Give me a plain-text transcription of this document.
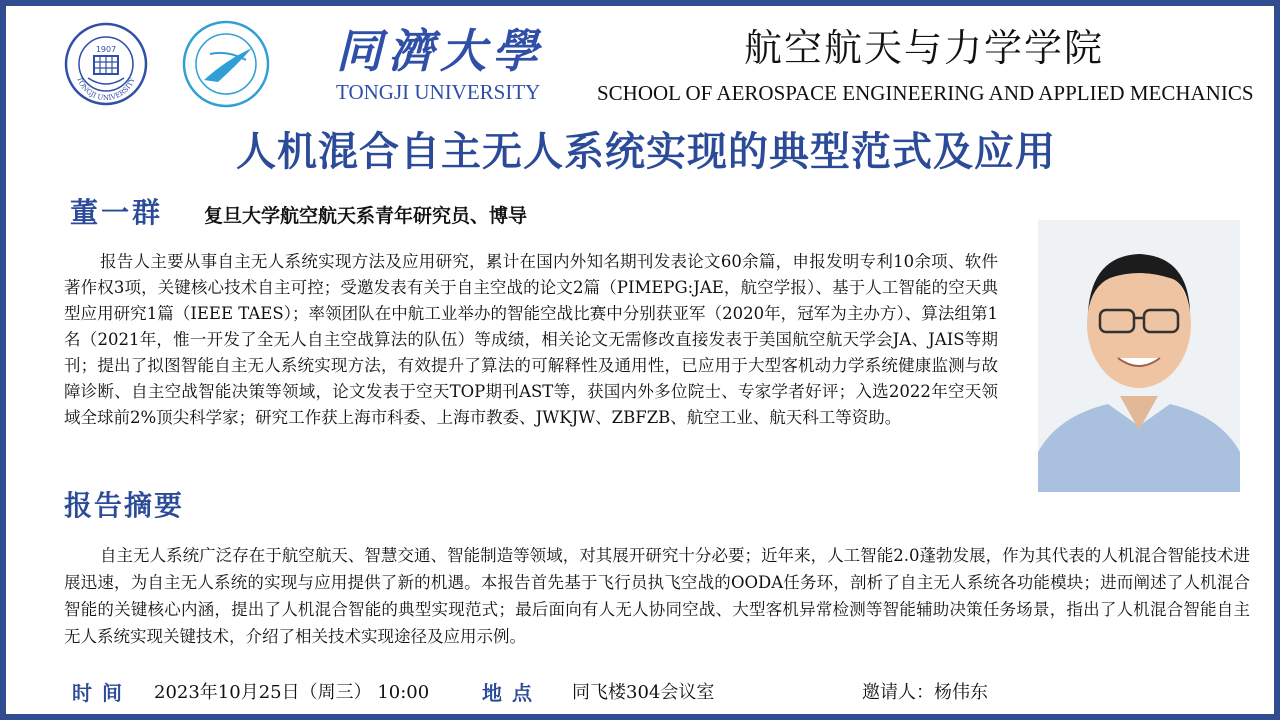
1907
TONGJI UNIVERSITY
同濟大學
TONGJI UNIVERSITY
航空航天与力学学院
SCHOOL OF AEROSPACE ENGINEERING AND APPLIED MECHANICS
人机混合自主无人系统实现的典型范式及应用
董一群 复旦大学航空航天系青年研究员、博导

报告人主要从事自主无人系统实现方法及应用研究，累计在国内外知名期刊发表论文60余篇，申报发明专利10余项、软件著作权3项，关键核心技术自主可控；受邀发表有关于自主空战的论文2篇（PIMEPG:JAE，航空学报）、基于人工智能的空天典型应用研究1篇（IEEE TAES）；率领团队在中航工业举办的智能空战比赛中分别获亚军（2020年，冠军为主办方）、算法组第1名（2021年，惟一开发了全无人自主空战算法的队伍）等成绩，相关论文无需修改直接发表于美国航空航天学会JA、JAIS等期刊；提出了拟图智能自主无人系统实现方法，有效提升了算法的可解释性及通用性，已应用于大型客机动力学系统健康监测与故障诊断、自主空战智能决策等领域，论文发表于空天TOP期刊AST等，获国内外多位院士、专家学者好评；入选2022年空天领域全球前2%顶尖科学家；研究工作获上海市科委、上海市教委、JWKJW、ZBFZB、航空工业、航天科工等资助。

报告摘要

自主无人系统广泛存在于航空航天、智慧交通、智能制造等领域，对其展开研究十分必要；近年来，人工智能2.0蓬勃发展，作为其代表的人机混合智能技术进展迅速，为自主无人系统的实现与应用提供了新的机遇。本报告首先基于飞行员执飞空战的OODA任务环，剖析了自主无人系统各功能模块；进而阐述了人机混合智能的关键核心内涵，提出了人机混合智能的典型实现范式；最后面向有人无人协同空战、大型客机异常检测等智能辅助决策任务场景，指出了人机混合智能自主无人系统实现关键技术，介绍了相关技术实现途径及应用示例。

时间 2023年10月25日（周三） 10:00	地点 同飞楼304会议室	邀请人：杨伟东
